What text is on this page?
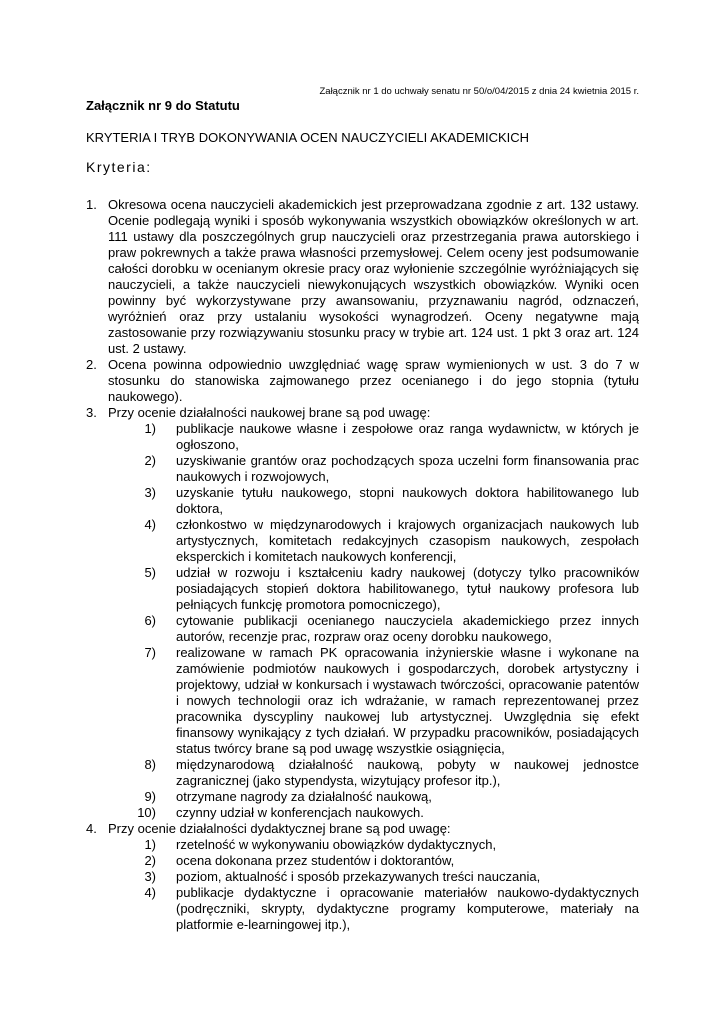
Załącznik nr 1 do uchwały senatu nr 50/o/04/2015 z dnia 24 kwietnia 2015 r.
Załącznik nr 9 do Statutu
KRYTERIA I TRYB DOKONYWANIA OCEN NAUCZYCIELI AKADEMICKICH
Kryteria:
1. Okresowa ocena nauczycieli akademickich jest przeprowadzana zgodnie z art. 132 ustawy. Ocenie podlegają wyniki i sposób wykonywania wszystkich obowiązków określonych w art. 111 ustawy dla poszczególnych grup nauczycieli oraz przestrzegania prawa autorskiego i praw pokrewnych a także prawa własności przemysłowej. Celem oceny jest podsumowanie całości dorobku w ocenianym okresie pracy oraz wyłonienie szczególnie wyróżniających się nauczycieli, a także nauczycieli niewykonujących wszystkich obowiązków. Wyniki ocen powinny być wykorzystywane przy awansowaniu, przyznawaniu nagród, odznaczeń, wyróżnień oraz przy ustalaniu wysokości wynagrodzeń. Oceny negatywne mają zastosowanie przy rozwiązywaniu stosunku pracy w trybie art. 124 ust. 1 pkt 3 oraz art. 124 ust. 2 ustawy.
2. Ocena powinna odpowiednio uwzględniać wagę spraw wymienionych w ust. 3 do 7 w stosunku do stanowiska zajmowanego przez ocenianego i do jego stopnia (tytułu naukowego).
3. Przy ocenie działalności naukowej brane są pod uwagę:
1)	publikacje naukowe własne i zespołowe oraz ranga wydawnictw, w których je ogłoszono,
2)	uzyskiwanie grantów oraz pochodzących spoza uczelni form finansowania prac naukowych i rozwojowych,
3)	uzyskanie tytułu naukowego, stopni naukowych doktora habilitowanego lub doktora,
4)	członkostwo w międzynarodowych i krajowych organizacjach naukowych lub artystycznych, komitetach redakcyjnych czasopism naukowych, zespołach eksperckich i komitetach naukowych konferencji,
5)	udział w rozwoju i kształceniu kadry naukowej (dotyczy tylko pracowników posiadających stopień doktora habilitowanego, tytuł naukowy profesora lub pełniących funkcję promotora pomocniczego),
6)	cytowanie publikacji ocenianego nauczyciela akademickiego przez innych autorów, recenzje prac, rozpraw oraz oceny dorobku naukowego,
7)	realizowane w ramach PK opracowania inżynierskie własne i wykonane na zamówienie podmiotów naukowych i gospodarczych, dorobek artystyczny i projektowy, udział w konkursach i wystawach twórczości, opracowanie patentów i nowych technologii oraz ich wdrażanie, w ramach reprezentowanej przez pracownika dyscypliny naukowej lub artystycznej. Uwzględnia się efekt finansowy wynikający z tych działań. W przypadku pracowników, posiadających status twórcy brane są pod uwagę wszystkie osiągnięcia,
8)	międzynarodową działalność naukową, pobyty w naukowej jednostce zagranicznej (jako stypendysta, wizytujący profesor itp.),
9)	otrzymane nagrody za działalność naukową,
10)	czynny udział w konferencjach naukowych.
4. Przy ocenie działalności dydaktycznej brane są pod uwagę:
1)	rzetelność w wykonywaniu obowiązków dydaktycznych,
2)	ocena dokonana przez studentów i doktorantów,
3)	poziom, aktualność i sposób przekazywanych treści nauczania,
4)	publikacje dydaktyczne i opracowanie materiałów naukowo-dydaktycznych (podręczniki, skrypty, dydaktyczne programy komputerowe, materiały na platformie e-learningowej itp.),
